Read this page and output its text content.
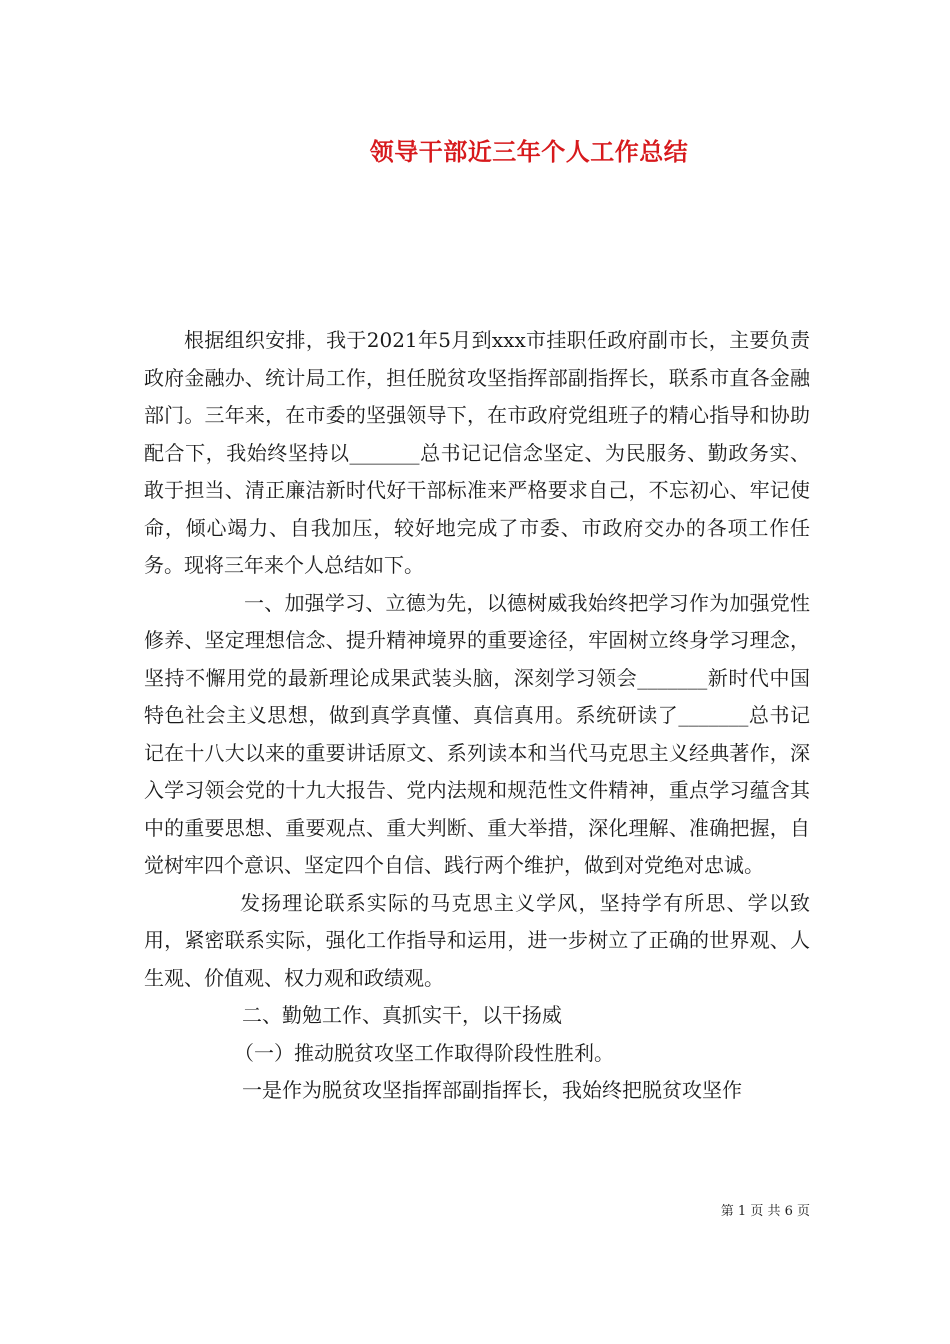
领导干部近三年个人工作总结

根据组织安排，我于2021年5月到xxx市挂职任政府副市长，主要负责政府金融办、统计局工作，担任脱贫攻坚指挥部副指挥长，联系市直各金融部门。三年来，在市委的坚强领导下，在市政府党组班子的精心指导和协助配合下，我始终坚持以_______总书记记信念坚定、为民服务、勤政务实、敢于担当、清正廉洁新时代好干部标准来严格要求自己，不忘初心、牢记使命，倾心竭力、自我加压，较好地完成了市委、市政府交办的各项工作任务。现将三年来个人总结如下。

一、加强学习、立德为先，以德树威我始终把学习作为加强党性修养、坚定理想信念、提升精神境界的重要途径，牢固树立终身学习理念，坚持不懈用党的最新理论成果武装头脑，深刻学习领会_______新时代中国特色社会主义思想，做到真学真懂、真信真用。系统研读了_______总书记记在十八大以来的重要讲话原文、系列读本和当代马克思主义经典著作，深入学习领会党的十九大报告、党内法规和规范性文件精神，重点学习蕴含其中的重要思想、重要观点、重大判断、重大举措，深化理解、准确把握，自觉树牢四个意识、坚定四个自信、践行两个维护，做到对党绝对忠诚。

发扬理论联系实际的马克思主义学风，坚持学有所思、学以致用，紧密联系实际，强化工作指导和运用，进一步树立了正确的世界观、人生观、价值观、权力观和政绩观。

二、勤勉工作、真抓实干，以干扬威

（一）推动脱贫攻坚工作取得阶段性胜利。

一是作为脱贫攻坚指挥部副指挥长，我始终把脱贫攻坚作

第 1 页 共 6 页
